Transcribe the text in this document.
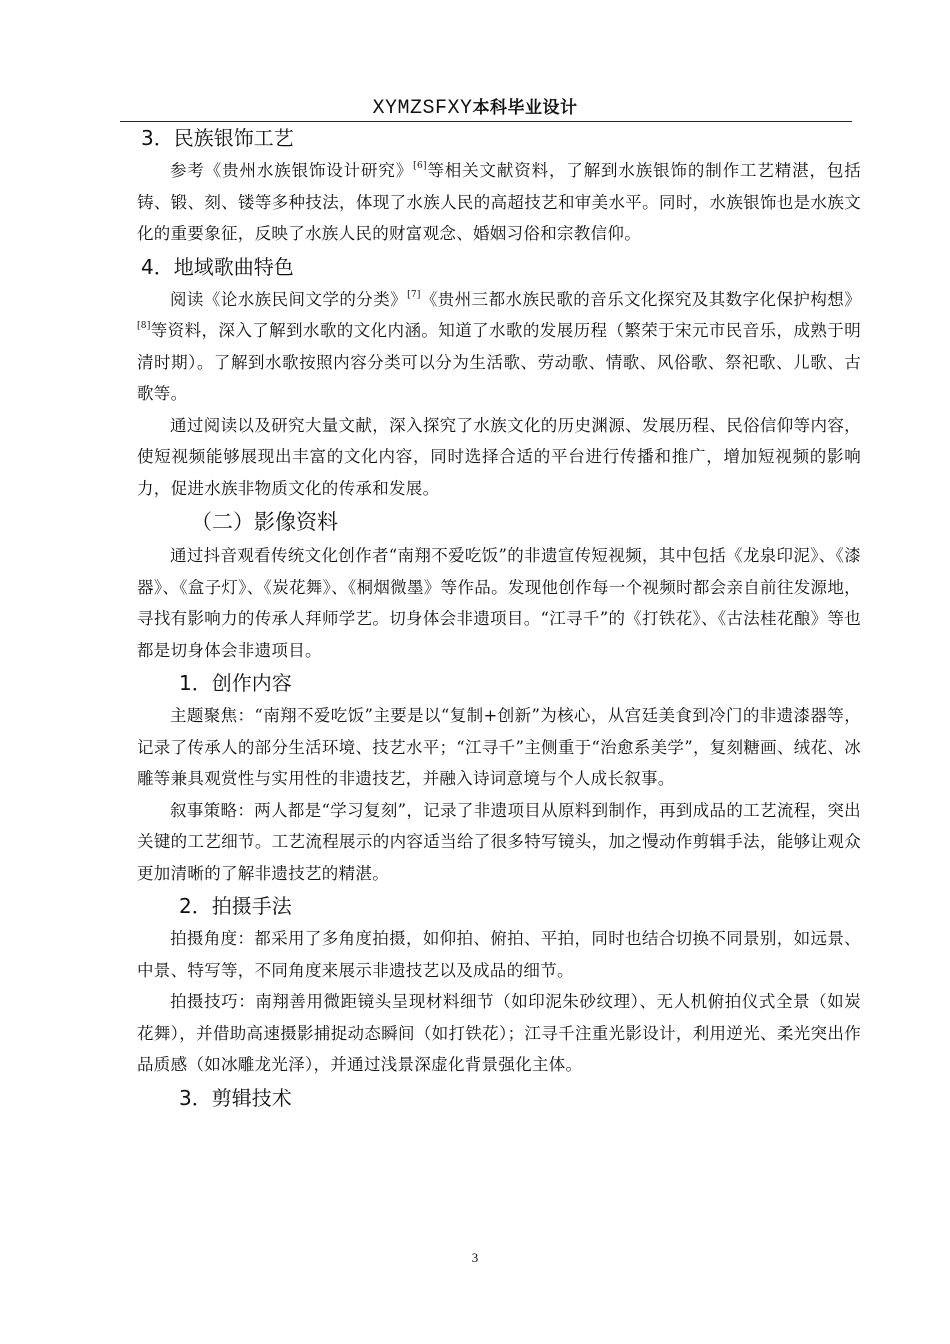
XYMZSFXY本科毕业设计
3．民族银饰工艺

参考《贵州水族银饰设计研究》[6]等相关文献资料，了解到水族银饰的制作工艺精湛，包括铸、锻、刻、镂等多种技法，体现了水族人民的高超技艺和审美水平。同时，水族银饰也是水族文化的重要象征，反映了水族人民的财富观念、婚姻习俗和宗教信仰。

4．地域歌曲特色

阅读《论水族民间文学的分类》[7]《贵州三都水族民歌的音乐文化探究及其数字化保护构想》[8]等资料，深入了解到水歌的文化内涵。知道了水歌的发展历程（繁荣于宋元市民音乐，成熟于明清时期）。了解到水歌按照内容分类可以分为生活歌、劳动歌、情歌、风俗歌、祭祀歌、儿歌、古歌等。

通过阅读以及研究大量文献，深入探究了水族文化的历史渊源、发展历程、民俗信仰等内容，使短视频能够展现出丰富的文化内容，同时选择合适的平台进行传播和推广，增加短视频的影响力，促进水族非物质文化的传承和发展。

（二）影像资料

通过抖音观看传统文化创作者“南翔不爱吃饭”的非遗宣传短视频，其中包括《龙泉印泥》、《漆器》、《盒子灯》、《炭花舞》、《桐烟微墨》等作品。发现他创作每一个视频时都会亲自前往发源地，寻找有影响力的传承人拜师学艺。切身体会非遗项目。“江寻千”的《打铁花》、《古法桂花酿》等也都是切身体会非遗项目。

1．创作内容

主题聚焦：“南翔不爱吃饭”主要是以“复制+创新”为核心，从宫廷美食到冷门的非遗漆器等，记录了传承人的部分生活环境、技艺水平；“江寻千”主侧重于“治愈系美学”，复刻糖画、绒花、冰雕等兼具观赏性与实用性的非遗技艺，并融入诗词意境与个人成长叙事。

叙事策略：两人都是“学习复刻”，记录了非遗项目从原料到制作，再到成品的工艺流程，突出关键的工艺细节。工艺流程展示的内容适当给了很多特写镜头，加之慢动作剪辑手法，能够让观众更加清晰的了解非遗技艺的精湛。

2．拍摄手法

拍摄角度：都采用了多角度拍摄，如仰拍、俯拍、平拍，同时也结合切换不同景别，如远景、中景、特写等，不同角度来展示非遗技艺以及成品的细节。

拍摄技巧：南翔善用微距镜头呈现材料细节（如印泥朱砂纹理）、无人机俯拍仪式全景（如炭花舞），并借助高速摄影捕捉动态瞬间（如打铁花）；江寻千注重光影设计，利用逆光、柔光突出作品质感（如冰雕龙光泽），并通过浅景深虚化背景强化主体。

3．剪辑技术
3
